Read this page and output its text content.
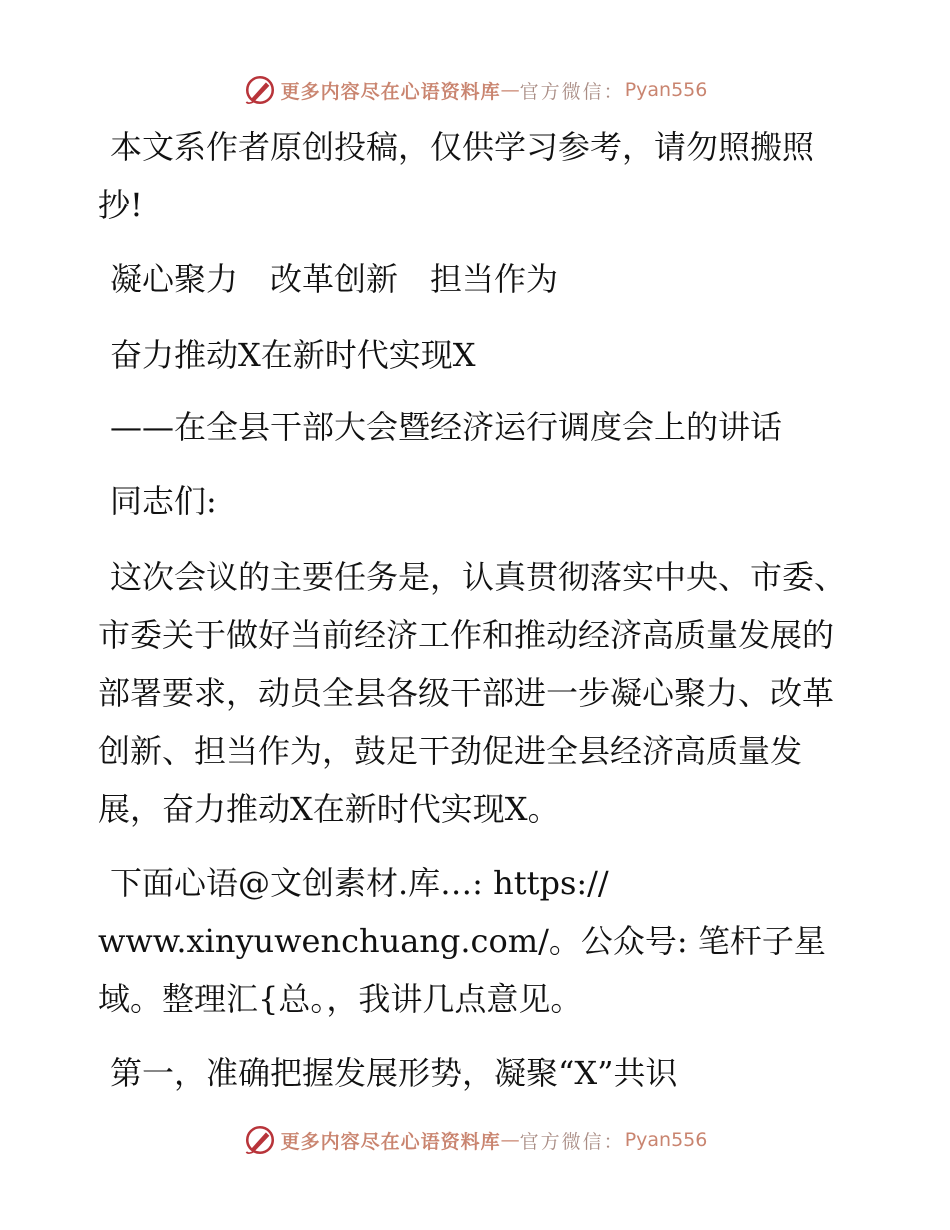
更多内容尽在心语资料库 — 官方微信： Pyan556

本文系作者原创投稿，仅供学习参考，请勿照搬照抄!

凝心聚力　改革创新　担当作为

奋力推动X在新时代实现X

——在全县干部大会暨经济运行调度会上的讲话

同志们:

这次会议的主要任务是，认真贯彻落实中央、市委、市委关于做好当前经济工作和推动经济高质量发展的部署要求，动员全县各级干部进一步凝心聚力、改革创新、担当作为，鼓足干劲促进全县经济高质量发展，奋力推动X在新时代实现X。

下面心语@文创素材.库…: https://

www.xinyuwenchuang.com/。公众号: 笔杆子星

域。整理汇{总。，我讲几点意见。

第一，准确把握发展形势，凝聚“X”共识

更多内容尽在心语资料库 — 官方微信： Pyan556
